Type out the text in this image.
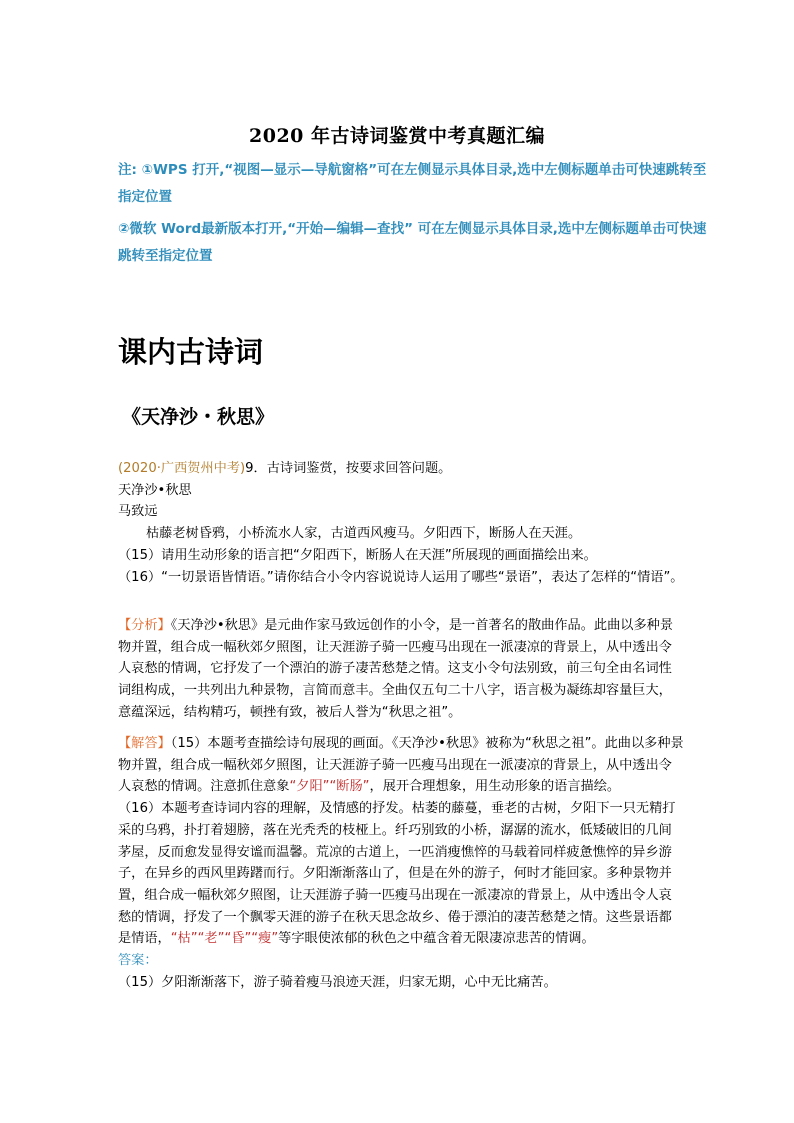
2020 年古诗词鉴赏中考真题汇编
注: ①WPS 打开,“视图—显示—导航窗格”可在左侧显示具体目录,选中左侧标题单击可快速跳转至指定位置
②微软 Word最新版本打开,“开始—编辑—查找” 可在左侧显示具体目录,选中左侧标题单击可快速跳转至指定位置
课内古诗词
《天净沙・秋思》

(2020·广西贺州中考)9．古诗词鉴赏，按要求回答问题。

天净沙•秋思

马致远

枯藤老树昏鸦，小桥流水人家，古道西风瘦马。夕阳西下，断肠人在天涯。

（15）请用生动形象的语言把“夕阳西下，断肠人在天涯”所展现的画面描绘出来。

（16）“一切景语皆情语。”请你结合小令内容说说诗人运用了哪些“景语”，表达了怎样的“情语”。

【分析】《天净沙•秋思》是元曲作家马致远创作的小令，是一首著名的散曲作品。此曲以多种景物并置，组合成一幅秋郊夕照图，让天涯游子骑一匹瘦马出现在一派凄凉的背景上，从中透出令人哀愁的情调，它抒发了一个漂泊的游子凄苦愁楚之情。这支小令句法别致，前三句全由名词性词组构成，一共列出九种景物，言简而意丰。全曲仅五句二十八字，语言极为凝练却容量巨大，意蕴深远，结构精巧，顿挫有致，被后人誉为“秋思之祖”。

【解答】（15）本题考查描绘诗句展现的画面。《天净沙•秋思》被称为“秋思之祖”。此曲以多种景物并置，组合成一幅秋郊夕照图，让天涯游子骑一匹瘦马出现在一派凄凉的背景上，从中透出令人哀愁的情调。注意抓住意象“夕阳”“断肠”，展开合理想象，用生动形象的语言描绘。

（16）本题考查诗词内容的理解，及情感的抒发。枯萎的藤蔓，垂老的古树，夕阳下一只无精打采的乌鸦，扑打着翅膀，落在光秃秃的枝桠上。纤巧别致的小桥，潺潺的流水，低矮破旧的几间茅屋，反而愈发显得安谧而温馨。荒凉的古道上，一匹消瘦憔悴的马载着同样疲惫憔悴的异乡游子，在异乡的西风里踌躇而行。夕阳渐渐落山了，但是在外的游子，何时才能回家。多种景物并置，组合成一幅秋郊夕照图，让天涯游子骑一匹瘦马出现在一派凄凉的背景上，从中透出令人哀愁的情调，抒发了一个飘零天涯的游子在秋天思念故乡、倦于漂泊的凄苦愁楚之情。这些景语都是情语，“枯”“老”“昏”“瘦”等字眼使浓郁的秋色之中蕴含着无限凄凉悲苦的情调。

答案：

（15）夕阳渐渐落下，游子骑着瘦马浪迹天涯，归家无期，心中无比痛苦。
